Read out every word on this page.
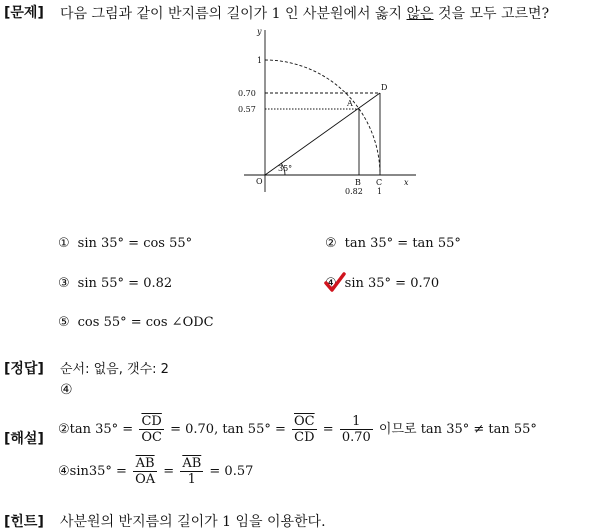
[문제] 다음 그림과 같이 반지름의 길이가 1 인 사분원에서 옳지 않은 것을 모두 고르면?
y
x
O
1
0.70
0.57
A
D
B C
35°
0.82 1
① sin 35° = cos 55°	② tan 35° = tan 55°
③ sin 55° = 0.82	④ sin 35° = 0.70
⑤ cos 55° = cos ∠ODC
[정답] 순서: 없음, 갯수: 2
④
[해설]
②tan $35^\circ = \frac{\overline{CD}}{OC} = 0.70$, $\tan 55^\circ = \frac{\overline{OC}}{CD} = \frac{1}{0.70}$ 이므로 tan 35° ≠ tan 55°
④sin35° = $\frac{\overline{AB}}{OA} = \frac{\overline{AB}}{1} = 0.57$
[힌트] 사분원의 반지름의 길이가 1 임을 이용한다.
